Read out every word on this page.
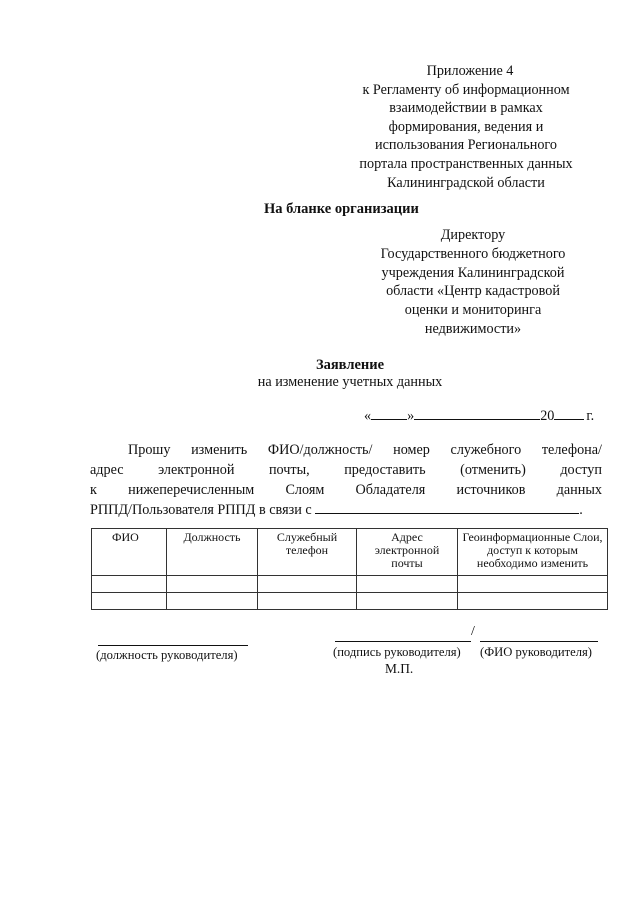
Приложение 4
к Регламенту об информационном
взаимодействии в рамках
формирования, ведения и
использования Регионального
портала пространственных данных
Калининградской области
На бланке организации
Директору
Государственного бюджетного
учреждения Калининградской
области «Центр кадастровой
оценки и мониторинга
недвижимости»
Заявление
на изменение учетных данных
«	»	20 г.
Прошу изменить ФИО/должность/ номер служебного телефона/
адрес электронной почты, предоставить (отменить) доступ
к нижеперечисленным Слоям Обладателя источников данных
РППД/Пользователя РППД в связи с	.
ФИО	Должность	Служебный телефон	Адрес электронной почты	Геоинформационные Слои, доступ к которым необходимо изменить

(должность руководителя)
/
(подпись руководителя) (ФИО руководителя)
М.П.
